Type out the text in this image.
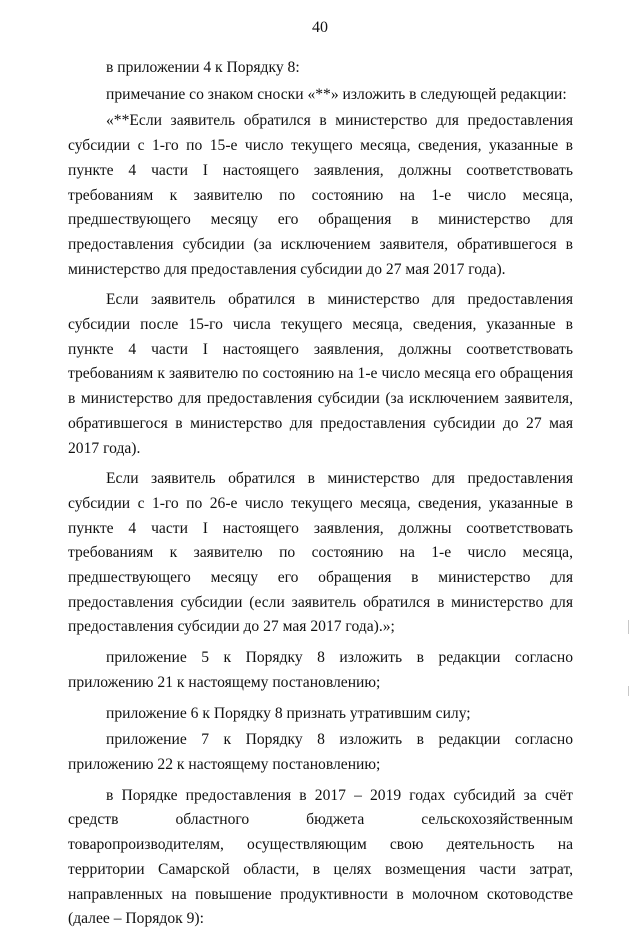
40

в приложении 4 к Порядку 8:

примечание со знаком сноски «**» изложить в следующей редакции:

«**Если заявитель обратился в министерство для предоставления субсидии с 1-го по 15-е число текущего месяца, сведения, указанные в пункте 4 части I настоящего заявления, должны соответствовать требованиям к заявителю по состоянию на 1-е число месяца, предшествующего месяцу его обращения в министерство для предоставления субсидии (за исключением заявителя, обратившегося в министерство для предоставления субсидии до 27 мая 2017 года).

Если заявитель обратился в министерство для предоставления субсидии после 15-го числа текущего месяца, сведения, указанные в пункте 4 части I настоящего заявления, должны соответствовать требованиям к заявителю по состоянию на 1-е число месяца его обращения в министерство для предоставления субсидии (за исключением заявителя, обратившегося в министерство для предоставления субсидии до 27 мая 2017 года).

Если заявитель обратился в министерство для предоставления субсидии с 1-го по 26-е число текущего месяца, сведения, указанные в пункте 4 части I настоящего заявления, должны соответствовать требованиям к заявителю по состоянию на 1-е число месяца, предшествующего месяцу его обращения в министерство для предоставления субсидии (если заявитель обратился в министерство для предоставления субсидии до 27 мая 2017 года).»;

приложение 5 к Порядку 8 изложить в редакции согласно приложению 21 к настоящему постановлению;

приложение 6 к Порядку 8 признать утратившим силу;

приложение 7 к Порядку 8 изложить в редакции согласно приложению 22 к настоящему постановлению;

в Порядке предоставления в 2017 – 2019 годах субсидий за счёт средств областного бюджета сельскохозяйственным товаропроизводителям, осуществляющим свою деятельность на территории Самарской области, в целях возмещения части затрат, направленных на повышение продуктивности в молочном скотоводстве (далее – Порядок 9):
